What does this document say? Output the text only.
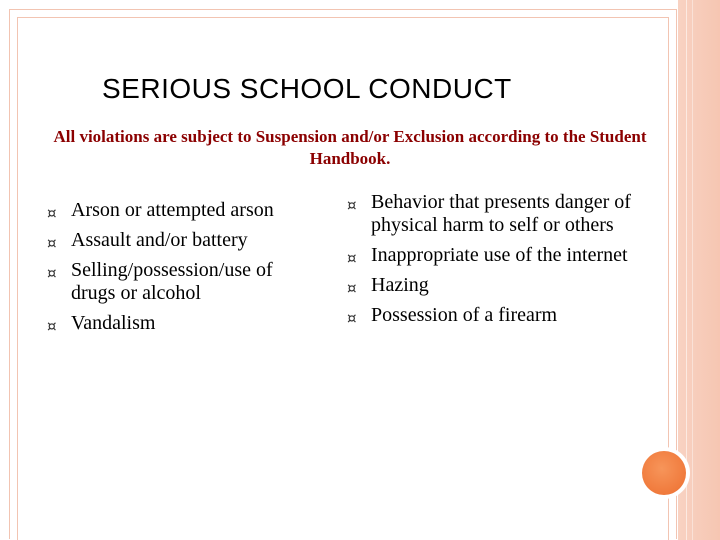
SERIOUS SCHOOL CONDUCT

All violations are subject to Suspension and/or Exclusion according to the Student Handbook.

¤ Arson or attempted arson
¤ Assault and/or battery
¤ Selling/possession/use of drugs or alcohol
¤ Vandalism
¤ Behavior that presents danger of physical harm to self or others
¤ Inappropriate use of the internet
¤ Hazing
¤ Possession of a firearm
